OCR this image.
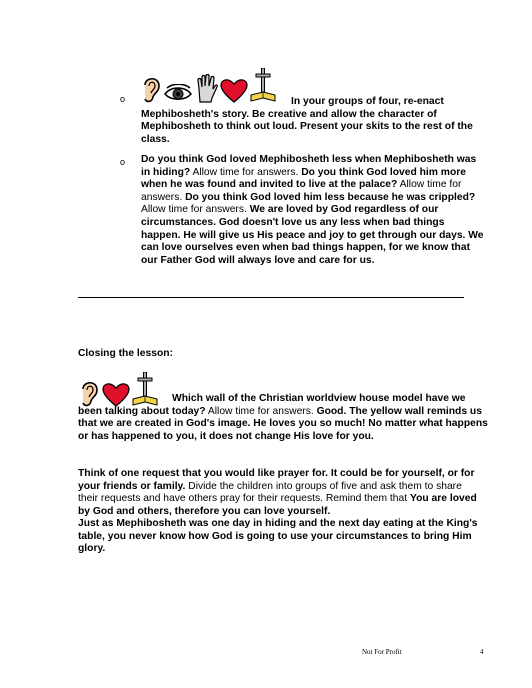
o	In your groups of four, re-enact Mephibosheth's story. Be creative and allow the character of Mephibosheth to think out loud. Present your skits to the rest of the class.
o Do you think God loved Mephibosheth less when Mephibosheth was in hiding? Allow time for answers. Do you think God loved him more when he was found and invited to live at the palace? Allow time for answers. Do you think God loved him less because he was crippled? Allow time for answers. We are loved by God regardless of our circumstances. God doesn't love us any less when bad things happen. He will give us His peace and joy to get through our days. We can love ourselves even when bad things happen, for we know that our Father God will always love and care for us.
Closing the lesson:
Which wall of the Christian worldview house model have we been talking about today? Allow time for answers. Good. The yellow wall reminds us that we are created in God's image. He loves you so much! No matter what happens or has happened to you, it does not change His love for you.
Think of one request that you would like prayer for. It could be for yourself, or for your friends or family. Divide the children into groups of five and ask them to share their requests and have others pray for their requests. Remind them that You are loved by God and others, therefore you can love yourself.
Just as Mephibosheth was one day in hiding and the next day eating at the King's table, you never know how God is going to use your circumstances to bring Him glory.
Not For Profit	4
